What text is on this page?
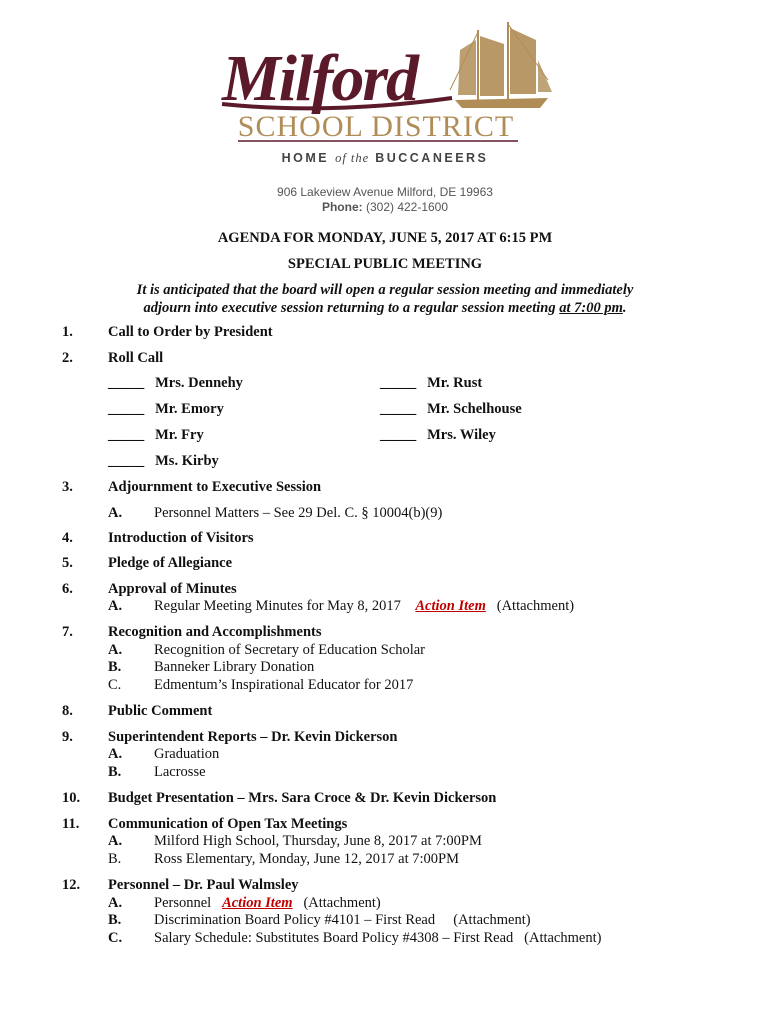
Milford
SCHOOL DISTRICT
HOME of the BUCCANEERS
906 Lakeview Avenue Milford, DE 19963
Phone: (302) 422-1600
AGENDA FOR MONDAY, JUNE 5, 2017 AT 6:15 PM
SPECIAL PUBLIC MEETING
It is anticipated that the board will open a regular session meeting and immediately
adjourn into executive session returning to a regular session meeting at 7:00 pm.
1. Call to Order by President
2. Roll Call
_____ Mrs. Dennehy	_____ Mr. Rust
_____ Mr. Emory	_____ Mr. Schelhouse
_____ Mr. Fry	_____ Mrs. Wiley
_____ Ms. Kirby
3. Adjournment to Executive Session
A. Personnel Matters – See 29 Del. C. § 10004(b)(9)
4. Introduction of Visitors
5. Pledge of Allegiance
6. Approval of Minutes
A. Regular Meeting Minutes for May 8, 2017 Action Item (Attachment)
7. Recognition and Accomplishments
A. Recognition of Secretary of Education Scholar
B. Banneker Library Donation
C. Edmentum’s Inspirational Educator for 2017
8. Public Comment
9. Superintendent Reports – Dr. Kevin Dickerson
A. Graduation
B. Lacrosse
10. Budget Presentation – Mrs. Sara Croce & Dr. Kevin Dickerson
11. Communication of Open Tax Meetings
A. Milford High School, Thursday, June 8, 2017 at 7:00PM
B. Ross Elementary, Monday, June 12, 2017 at 7:00PM
12. Personnel – Dr. Paul Walmsley
A. Personnel Action Item (Attachment)
B. Discrimination Board Policy #4101 – First Read (Attachment)
C. Salary Schedule: Substitutes Board Policy #4308 – First Read (Attachment)
